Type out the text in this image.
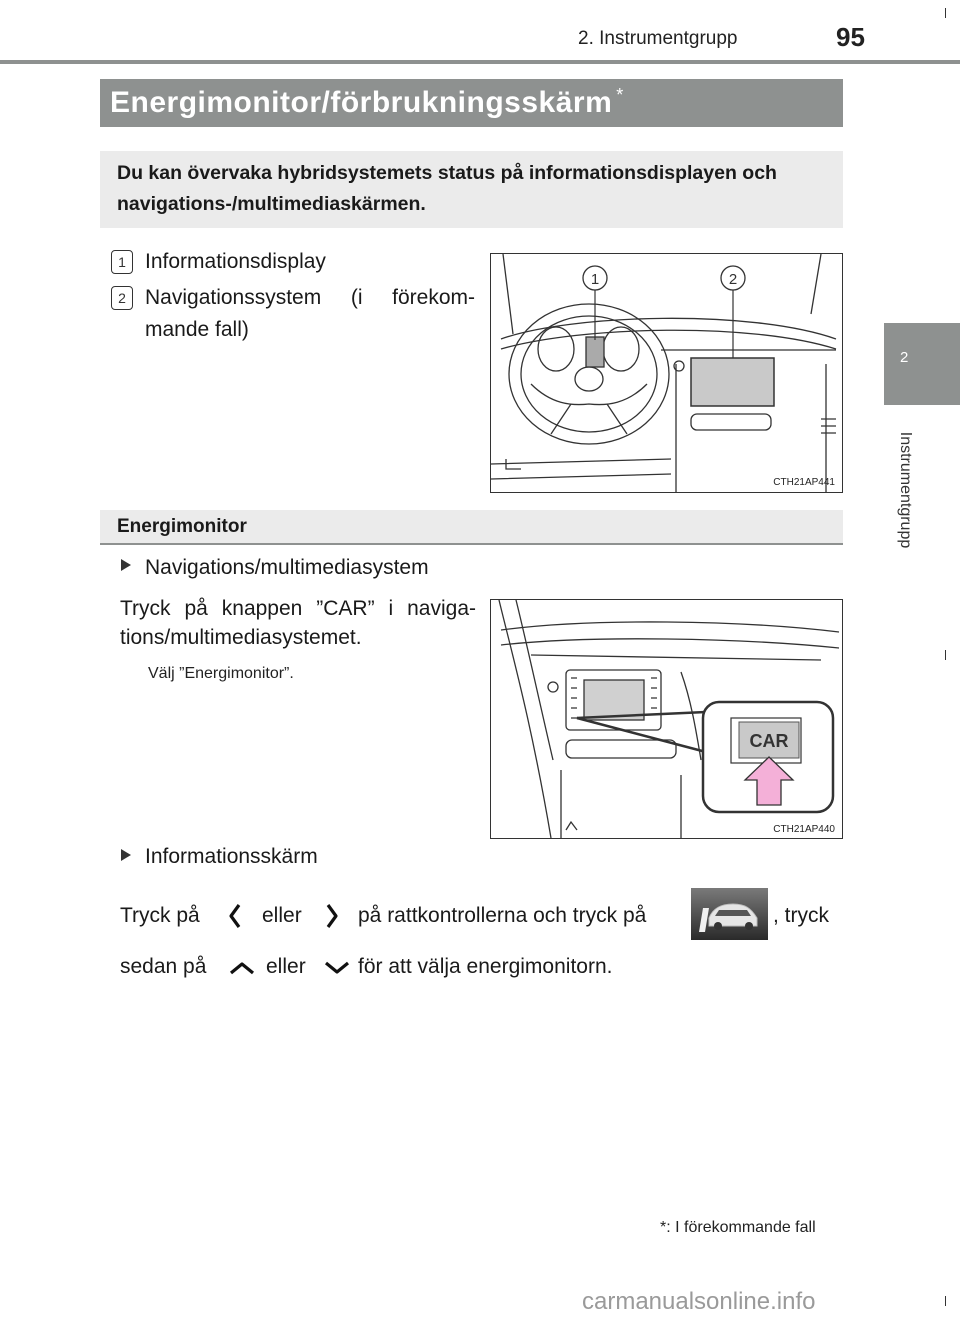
2. Instrumentgrupp	95
2
Instrumentgrupp
Energimonitor/förbrukningsskärm *
Du kan övervaka hybridsystemets status på informationsdisplayen och navigations-/multimediaskärmen.
1 Informationsdisplay
2 Navigationssystem (i förekom-
mande fall)
1	2
CTH21AP441
Energimonitor
Navigations/multimediasystem
Tryck på knappen ”CAR” i naviga-
tions/multimediasystemet.
Välj ”Energimonitor”.
CAR
CTH21AP440
Informationsskärm
Tryck på	eller	på rattkontrollerna och tryck på	, tryck
sedan på	eller för att välja energimonitorn.
*: I förekommande fall
carmanualsonline.info
